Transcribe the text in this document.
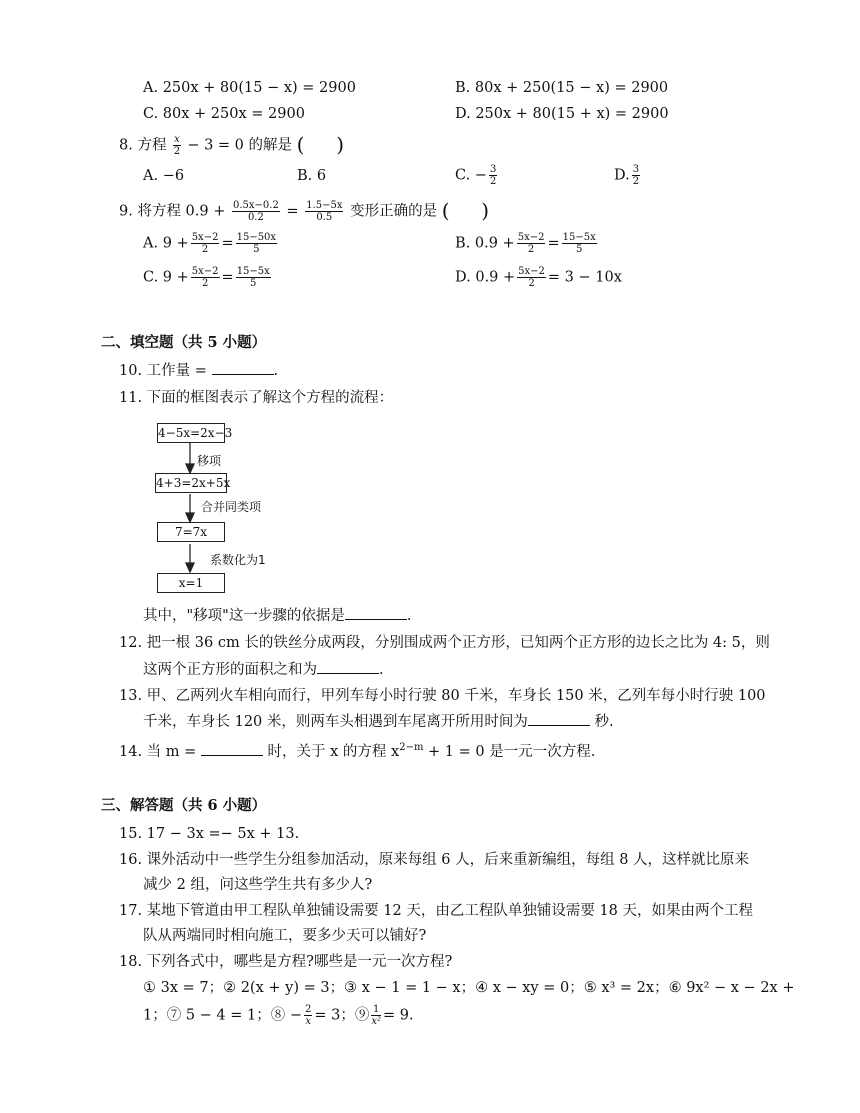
A. 250x + 80(15 − x) = 2900	B. 80x + 250(15 − x) = 2900
C. 80x + 250x = 2900	D. 250x + 80(15 + x) = 2900
8. 方程 $\frac{x}{2} - 3 = 0$ 的解是 (     )
A. −6	B. 6	C. − $\frac{3}{2}$	D. $\frac{3}{2}$
9. 将方程 $0.9 + \frac{0.5x-0.2}{0.2} = \frac{1.5-5x}{0.5}$ 变形正确的是 (     )
A. $9 + \frac{5x-2}{2} = \frac{15-50x}{5}$	B. $0.9 + \frac{5x-2}{2} = \frac{15-5x}{5}$
C. $9 + \frac{5x-2}{2} = \frac{15-5x}{5}$	D. $0.9 + \frac{5x-2}{2} = 3 - 10x$
二、填空题（共 5 小题）
10. 工作量 =	.
11. 下面的框图表示了解这个方程的流程：
4−5x=2x−3
4+3=2x+5x
7=7x
x=1
移项
合并同类项
系数化为1
其中，"移项"这一步骤的依据是	.
12. 把一根 36 cm 长的铁丝分成两段，分别围成两个正方形，已知两个正方形的边长之比为 4: 5，则
这两个正方形的面积之和为	.
13. 甲、乙两列火车相向而行，甲列车每小时行驶 80 千米，车身长 150 米，乙列车每小时行驶 100
千米，车身长 120 米，则两车头相遇到车尾离开所用时间为	秒.
14. 当 m =	时，关于 x 的方程 $x^{2-m} + 1 = 0$ 是一元一次方程.
三、解答题（共 6 小题）
15. 17 − 3x =− 5x + 13.
16. 课外活动中一些学生分组参加活动，原来每组 6 人，后来重新编组，每组 8 人，这样就比原来
减少 2 组，问这些学生共有多少人?
17. 某地下管道由甲工程队单独铺设需要 12 天，由乙工程队单独铺设需要 18 天，如果由两个工程
队从两端同时相向施工，要多少天可以铺好?
18. 下列各式中，哪些是方程?哪些是一元一次方程?
① 3x = 7；② 2(x + y) = 3；③ x − 1 = 1 − x；④ x − xy = 0；⑤ x³ = 2x；⑥ 9x² − x − 2x +
1；⑦ 5 − 4 = 1；⑧ − $\frac{2}{x} = 3$；⑨ $\frac{1}{\text{x²}} = 9$.
